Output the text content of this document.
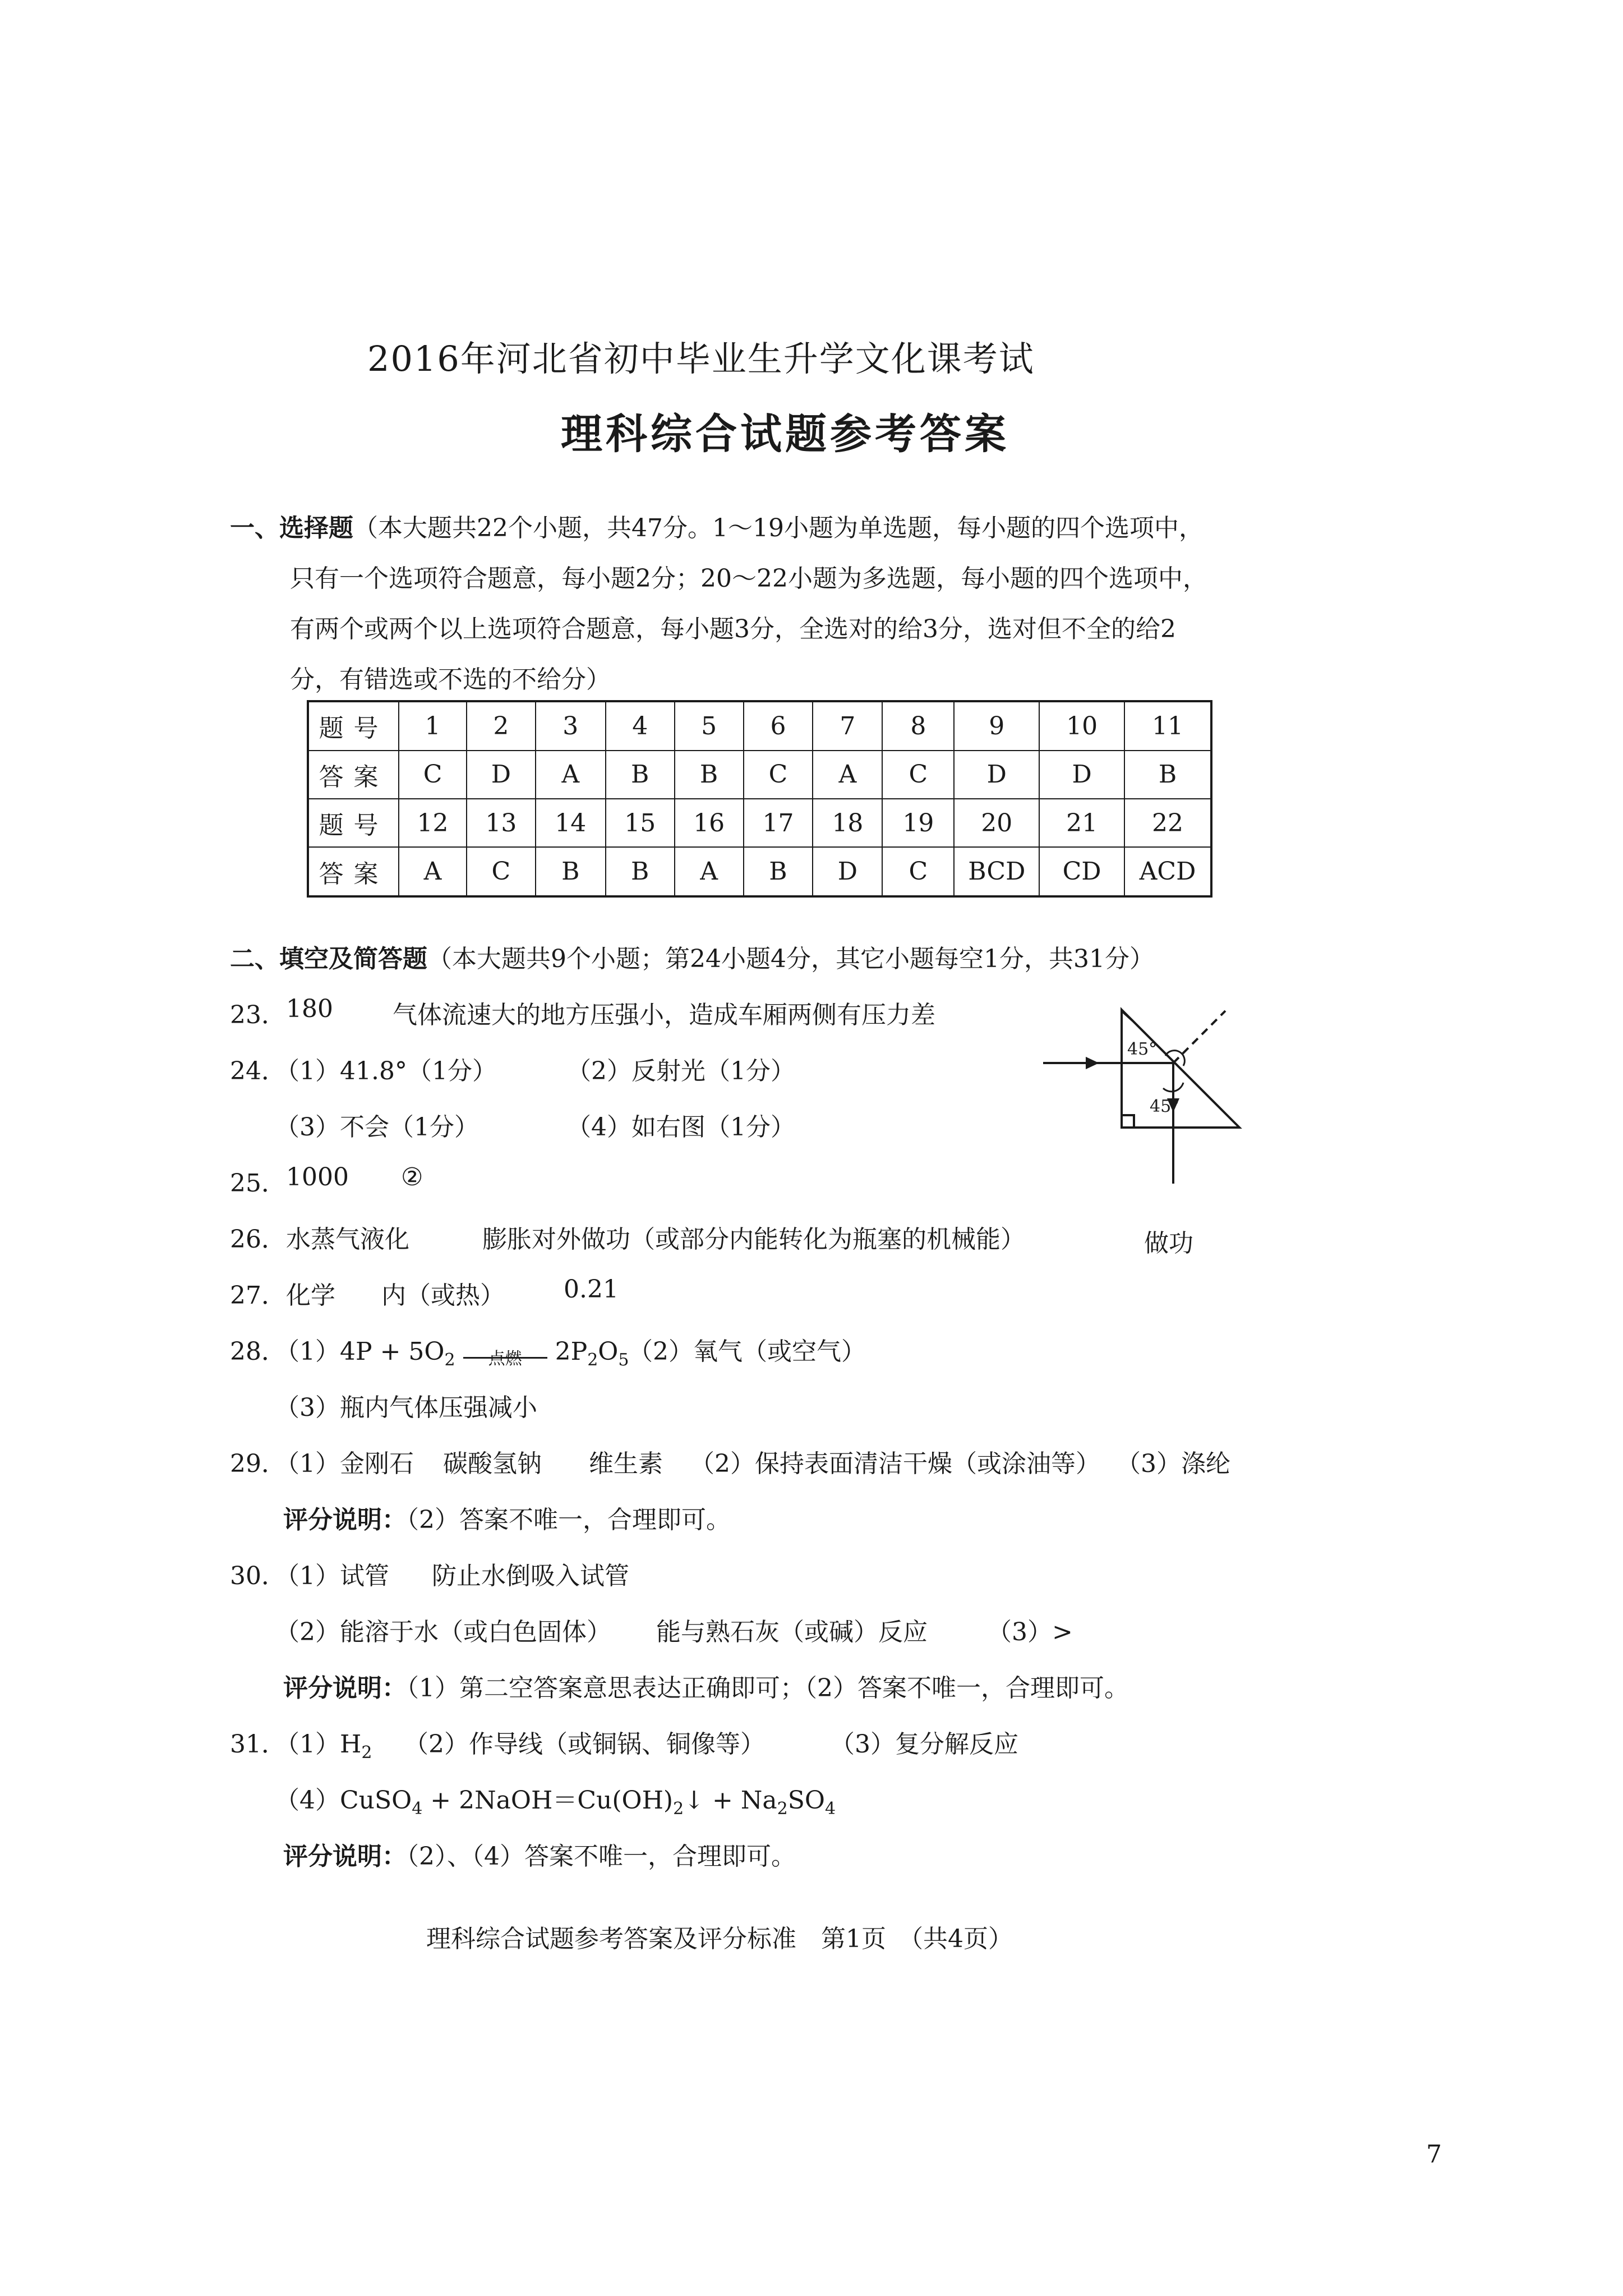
2016年河北省初中毕业生升学文化课考试
理科综合试题参考答案
一、选择题（本大题共22个小题，共47分。1～19小题为单选题，每小题的四个选项中，
只有一个选项符合题意，每小题2分；20～22小题为多选题，每小题的四个选项中，
有两个或两个以上选项符合题意，每小题3分，全选对的给3分，选对但不全的给2
分，有错选或不选的不给分）
题号	1	2	3	4	5	6	7	8	9	10	11
答案	C	D	A	B	B	C	A	C	D	D	B
题号	12	13	14	15	16	17	18	19	20	21	22
答案	A	C	B	B	A	B	D	C	BCD	CD	ACD
二、填空及简答题（本大题共9个小题；第24小题4分，其它小题每空1分，共31分）
23． 180 气体流速大的地方压强小，造成车厢两侧有压力差
24．
（1）41.8°（1分）	（2）反射光（1分）
（3）不会（1分）	（4）如右图（1分）
45°
45°
25． 1000 ②
26． 水蒸气液化	膨胀对外做功（或部分内能转化为瓶塞的机械能）	做功
27． 化学 内（或热） 0.21
28．
$(1)4P + 5O_2$	点燃	$2P_2O_5$
（2）氧气（或空气）
（3）瓶内气体压强减小
29．
（1）金刚石 碳酸氢钠 维生素 （2）保持表面清洁干燥（或涂油等） （3）涤纶
评分说明：（2）答案不唯一，合理即可。
30．
（1）试管 防止水倒吸入试管
（2）能溶于水（或白色固体） 能与熟石灰（或碱）反应 （3）>
评分说明：（1）第二空答案意思表达正确即可；（2）答案不唯一，合理即可。
31．
$(1)H_2$ （2）作导线（或铜锅、铜像等）	（3）复分解反应
（4）CuSO$_4$ + $2NaOH=Cu(OH)_2↓ + Na_2SO_4$
评分说明：（2）、（4）答案不唯一，合理即可。
理科综合试题参考答案及评分标准　第1页　（共4页）
7
